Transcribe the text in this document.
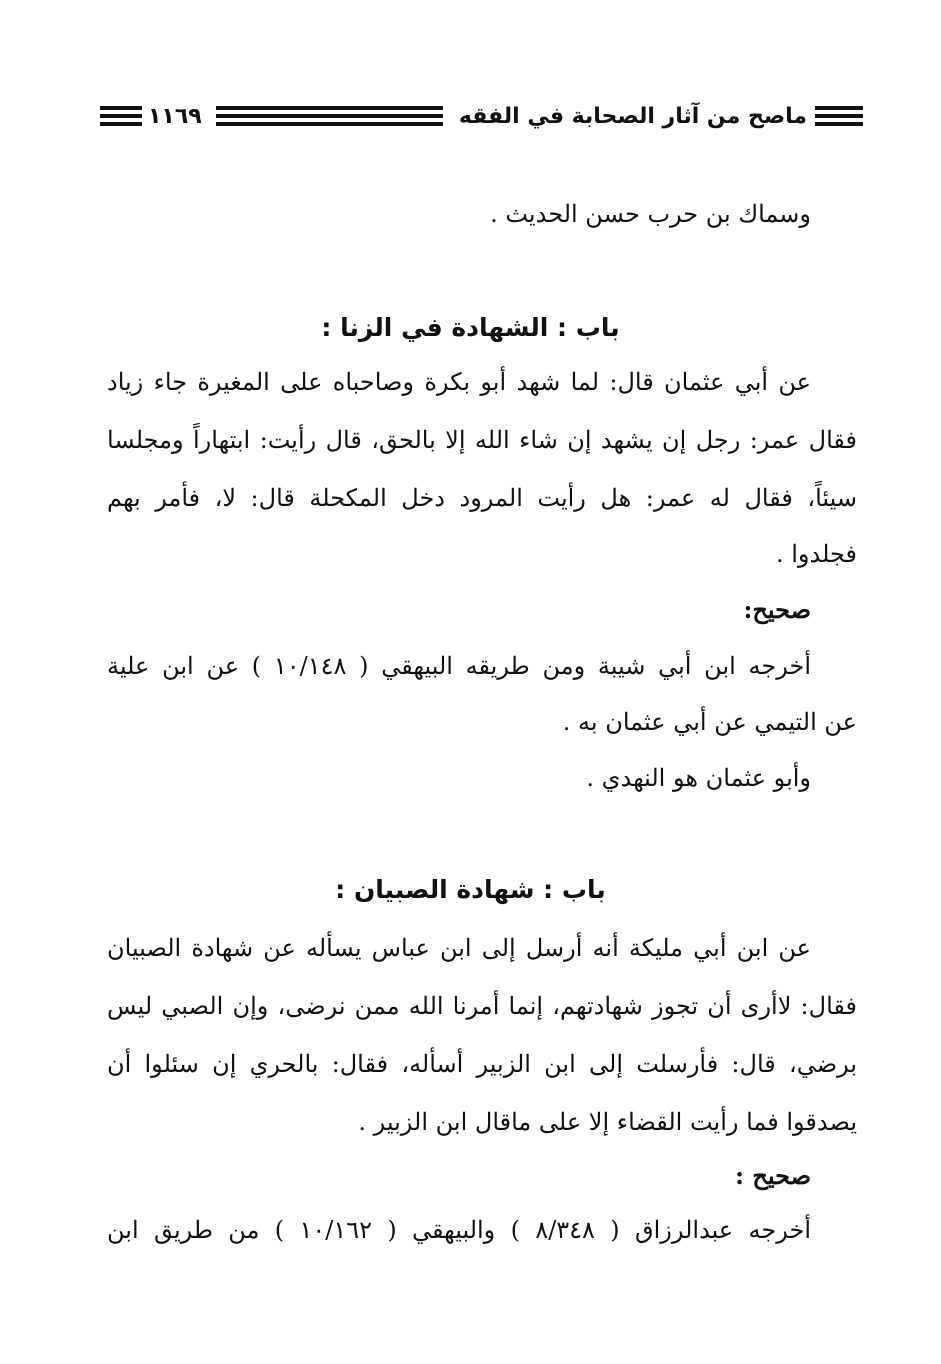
ماصح من آثار الصحابة في الفقه
١١٦٩
وسماك بن حرب حسن الحديث .
باب : الشهادة في الزنا :
عن أبي عثمان قال: لما شهد أبو بكرة وصاحباه على المغيرة جاء زياد
فقال عمر: رجل إن يشهد إن شاء الله إلا بالحق، قال رأيت: ابتهاراً ومجلسا
سيئاً، فقال له عمر: هل رأيت المرود دخل المكحلة قال: لا، فأمر بهم
فجلدوا .
صحيح:
أخرجه ابن أبي شيبة ومن طريقه البيهقي ( ١٠/١٤٨ ) عن ابن علية
عن التيمي عن أبي عثمان به .
وأبو عثمان هو النهدي .
باب : شهادة الصبيان :
عن ابن أبي مليكة أنه أرسل إلى ابن عباس يسأله عن شهادة الصبيان
فقال: لاأرى أن تجوز شهادتهم، إنما أمرنا الله ممن نرضى، وإن الصبي ليس
برضي، قال: فأرسلت إلى ابن الزبير أسأله، فقال: بالحري إن سئلوا أن
يصدقوا فما رأيت القضاء إلا على ماقال ابن الزبير .
صحيح :
أخرجه عبدالرزاق ( ٨/٣٤٨ ) والبيهقي ( ١٠/١٦٢ ) من طريق ابن
